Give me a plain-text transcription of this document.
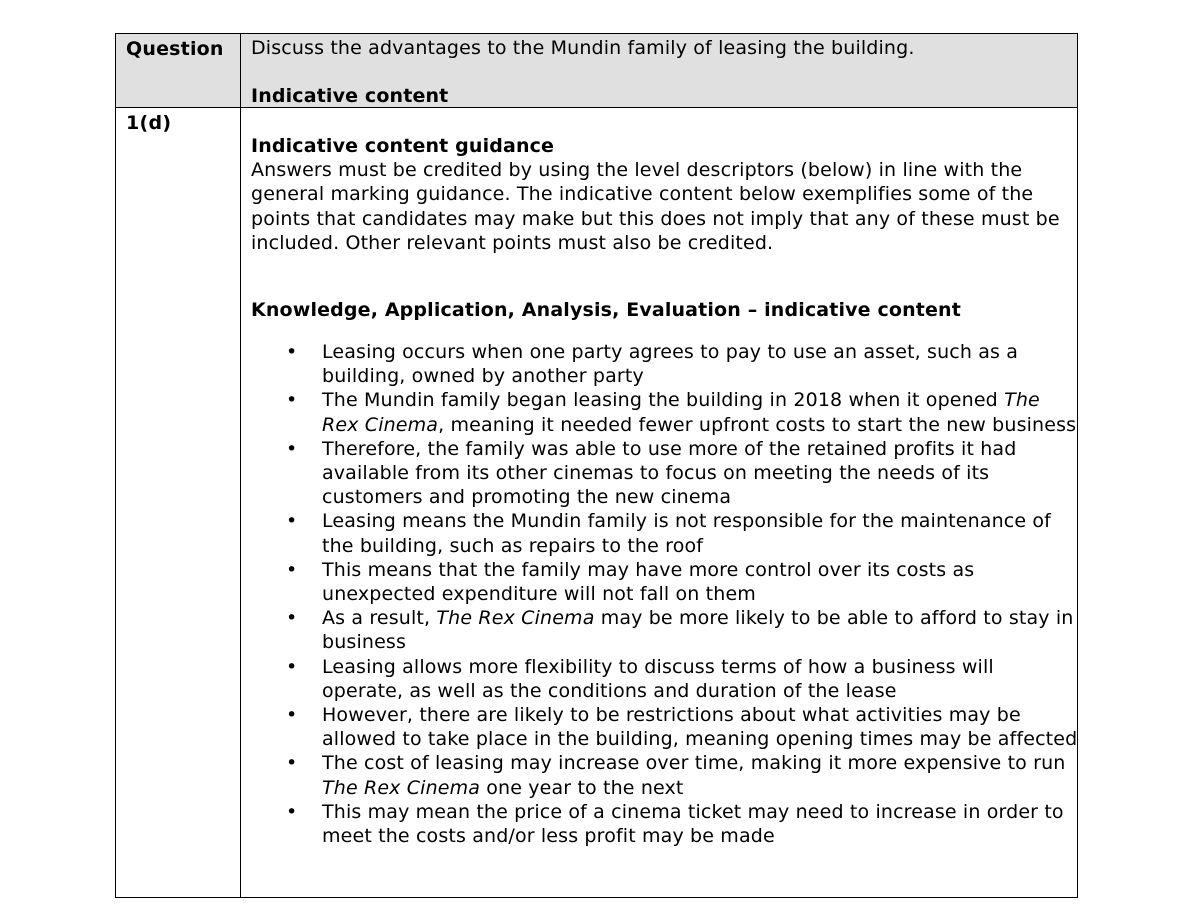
Question
1(d)
Discuss the advantages to the Mundin family of leasing the building.
Indicative content
Indicative content guidance
Answers must be credited by using the level descriptors (below) in line with the general marking guidance. The indicative content below exemplifies some of the points that candidates may make but this does not imply that any of these must be included. Other relevant points must also be credited.
Knowledge, Application, Analysis, Evaluation – indicative content
• Leasing occurs when one party agrees to pay to use an asset, such as a building, owned by another party
• The Mundin family began leasing the building in 2018 when it opened The Rex Cinema, meaning it needed fewer upfront costs to start the new business
• Therefore, the family was able to use more of the retained profits it had available from its other cinemas to focus on meeting the needs of its customers and promoting the new cinema
• Leasing means the Mundin family is not responsible for the maintenance of the building, such as repairs to the roof
• This means that the family may have more control over its costs as unexpected expenditure will not fall on them
• As a result, The Rex Cinema may be more likely to be able to afford to stay in business
• Leasing allows more flexibility to discuss terms of how a business will operate, as well as the conditions and duration of the lease
• However, there are likely to be restrictions about what activities may be allowed to take place in the building, meaning opening times may be affected
• The cost of leasing may increase over time, making it more expensive to run The Rex Cinema one year to the next
• This may mean the price of a cinema ticket may need to increase in order to meet the costs and/or less profit may be made
